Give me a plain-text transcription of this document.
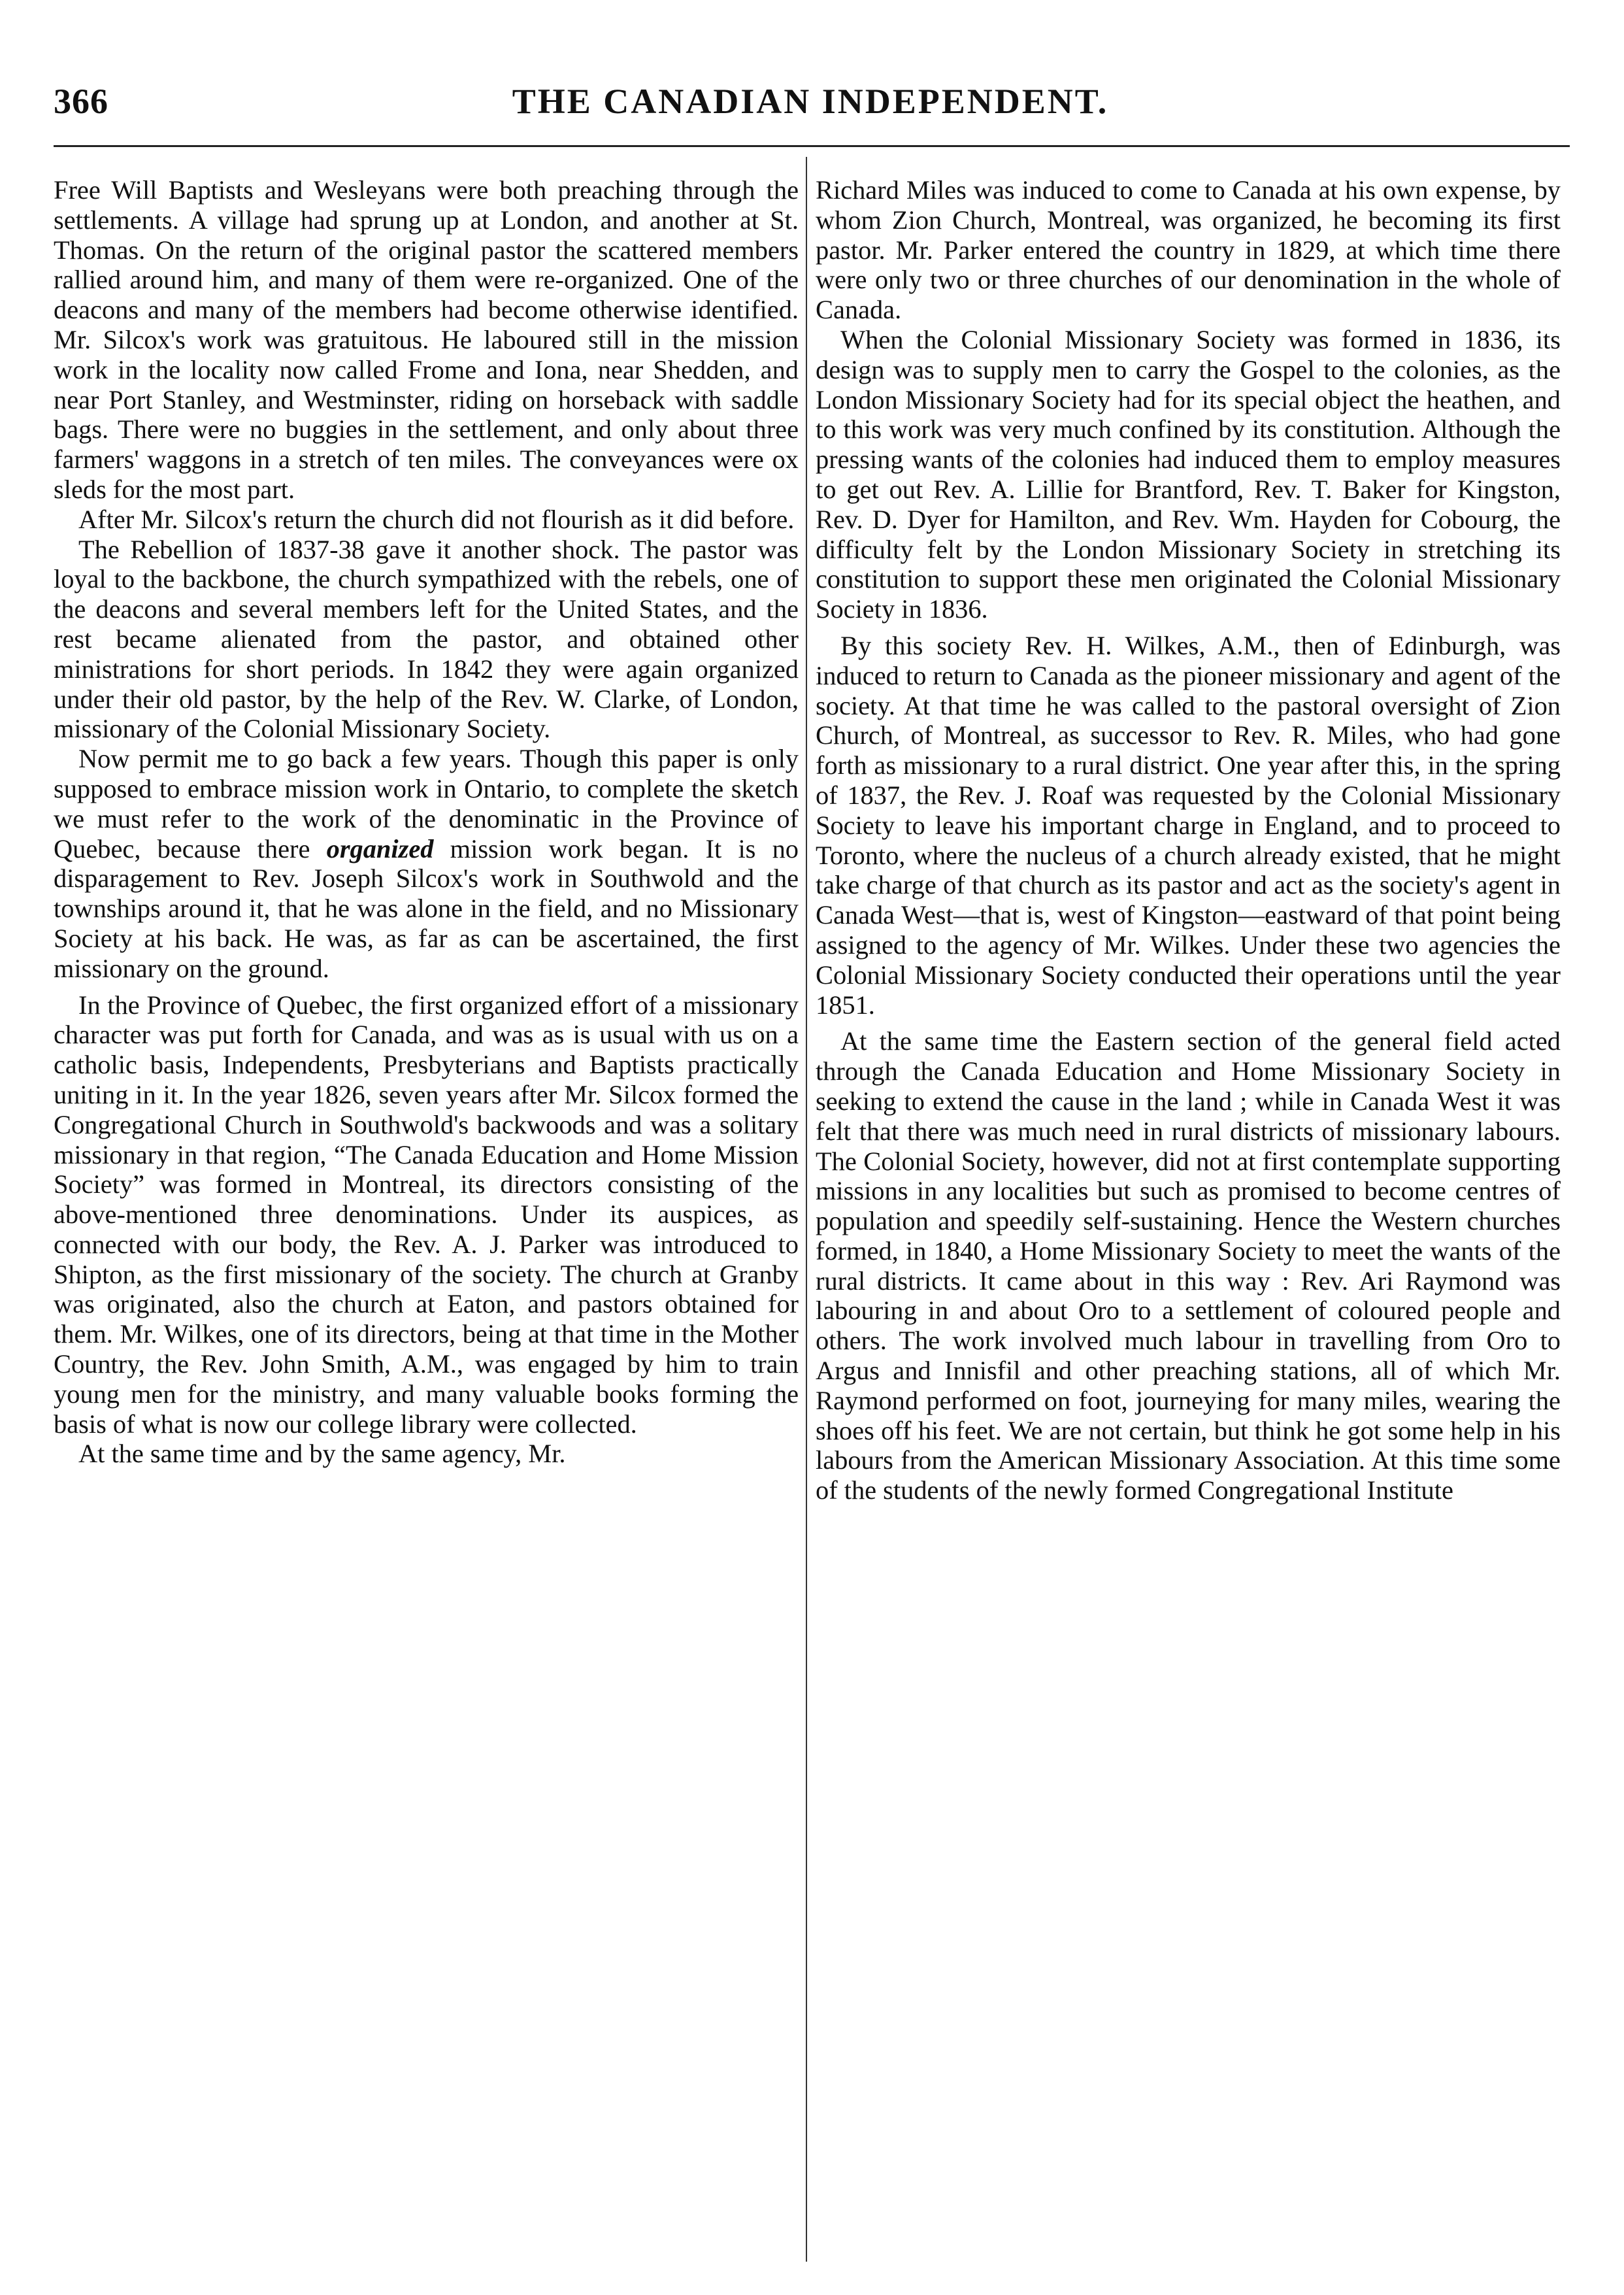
366	THE CANADIAN INDEPENDENT.

Free Will Baptists and Wesleyans were both preaching through the settlements. A village had sprung up at London, and another at St. Thomas. On the return of the original pastor the scattered members rallied around him, and many of them were re-organized. One of the deacons and many of the members had become otherwise identified. Mr. Silcox's work was gratuitous. He laboured still in the mission work in the locality now called Frome and Iona, near Shedden, and near Port Stanley, and Westminster, riding on horseback with saddle bags. There were no buggies in the settlement, and only about three farmers' waggons in a stretch of ten miles. The conveyances were ox sleds for the most part.

After Mr. Silcox's return the church did not flourish as it did before.

The Rebellion of 1837-38 gave it another shock. The pastor was loyal to the backbone, the church sympathized with the rebels, one of the deacons and several members left for the United States, and the rest became alienated from the pastor, and obtained other ministrations for short periods. In 1842 they were again organized under their old pastor, by the help of the Rev. W. Clarke, of London, missionary of the Colonial Missionary Society.

Now permit me to go back a few years. Though this paper is only supposed to embrace mission work in Ontario, to complete the sketch we must refer to the work of the denominatic in the Province of Quebec, because there organized mission work began. It is no disparagement to Rev. Joseph Silcox's work in Southwold and the townships around it, that he was alone in the field, and no Missionary Society at his back. He was, as far as can be ascertained, the first missionary on the ground.

In the Province of Quebec, the first organized effort of a missionary character was put forth for Canada, and was as is usual with us on a catholic basis, Independents, Presbyterians and Baptists practically uniting in it. In the year 1826, seven years after Mr. Silcox formed the Congregational Church in Southwold's backwoods and was a solitary missionary in that region, “The Canada Education and Home Mission Society” was formed in Montreal, its directors consisting of the above-mentioned three denominations. Under its auspices, as connected with our body, the Rev. A. J. Parker was introduced to Shipton, as the first missionary of the society. The church at Granby was originated, also the church at Eaton, and pastors obtained for them. Mr. Wilkes, one of its directors, being at that time in the Mother Country, the Rev. John Smith, A.M., was engaged by him to train young men for the ministry, and many valuable books forming the basis of what is now our college library were collected.

At the same time and by the same agency, Mr.

Richard Miles was induced to come to Canada at his own expense, by whom Zion Church, Montreal, was organized, he becoming its first pastor. Mr. Parker entered the country in 1829, at which time there were only two or three churches of our denomination in the whole of Canada.

When the Colonial Missionary Society was formed in 1836, its design was to supply men to carry the Gospel to the colonies, as the London Missionary Society had for its special object the heathen, and to this work was very much confined by its constitution. Although the pressing wants of the colonies had induced them to employ measures to get out Rev. A. Lillie for Brantford, Rev. T. Baker for Kingston, Rev. D. Dyer for Hamilton, and Rev. Wm. Hayden for Cobourg, the difficulty felt by the London Missionary Society in stretching its constitution to support these men originated the Colonial Missionary Society in 1836.

By this society Rev. H. Wilkes, A.M., then of Edinburgh, was induced to return to Canada as the pioneer missionary and agent of the society. At that time he was called to the pastoral oversight of Zion Church, of Montreal, as successor to Rev. R. Miles, who had gone forth as missionary to a rural district. One year after this, in the spring of 1837, the Rev. J. Roaf was requested by the Colonial Missionary Society to leave his important charge in England, and to proceed to Toronto, where the nucleus of a church already existed, that he might take charge of that church as its pastor and act as the society's agent in Canada West—that is, west of Kingston—eastward of that point being assigned to the agency of Mr. Wilkes. Under these two agencies the Colonial Missionary Society conducted their operations until the year 1851.

At the same time the Eastern section of the general field acted through the Canada Education and Home Missionary Society in seeking to extend the cause in the land ; while in Canada West it was felt that there was much need in rural districts of missionary labours. The Colonial Society, however, did not at first contemplate supporting missions in any localities but such as promised to become centres of population and speedily self-sustaining. Hence the Western churches formed, in 1840, a Home Missionary Society to meet the wants of the rural districts. It came about in this way : Rev. Ari Raymond was labouring in and about Oro to a settlement of coloured people and others. The work involved much labour in travelling from Oro to Argus and Innisfil and other preaching stations, all of which Mr. Raymond performed on foot, journeying for many miles, wearing the shoes off his feet. We are not certain, but think he got some help in his labours from the American Missionary Association. At this time some of the students of the newly formed Congregational Institute
